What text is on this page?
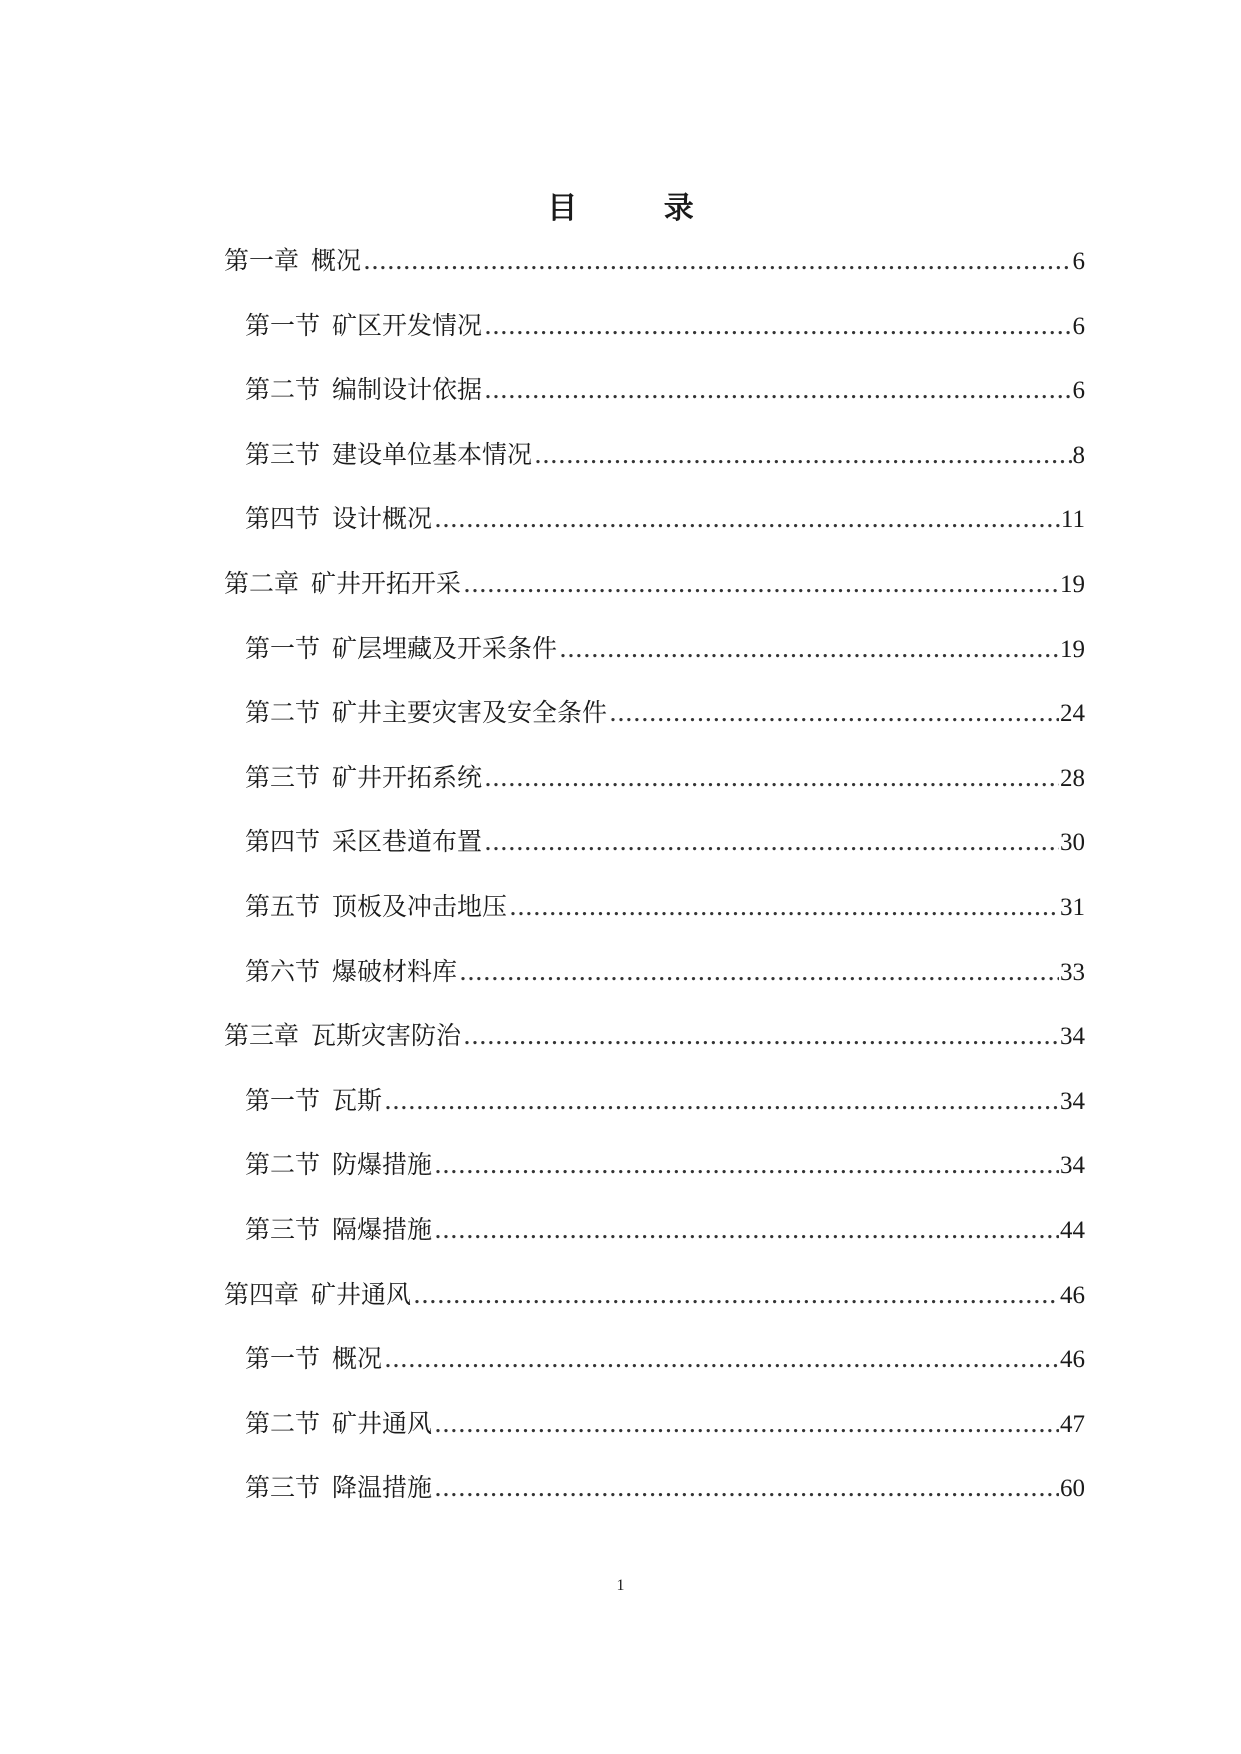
目 录
第一章 概况 .....	6
第一节 矿区开发情况 .....	6
第二节 编制设计依据 .....	6
第三节 建设单位基本情况 .....	8
第四节 设计概况 .....	11
第二章 矿井开拓开采 .....	19
第一节 矿层埋藏及开采条件 .....	19
第二节 矿井主要灾害及安全条件 .....	24
第三节 矿井开拓系统 .....	28
第四节 采区巷道布置 .....	30
第五节 顶板及冲击地压 .....	31
第六节 爆破材料库 .....	33
第三章 瓦斯灾害防治 .....	34
第一节 瓦斯 .....	34
第二节 防爆措施 .....	34
第三节 隔爆措施 .....	44
第四章 矿井通风 .....	46
第一节 概况 .....	46
第二节 矿井通风 .....	47
第三节 降温措施 .....	60
1
